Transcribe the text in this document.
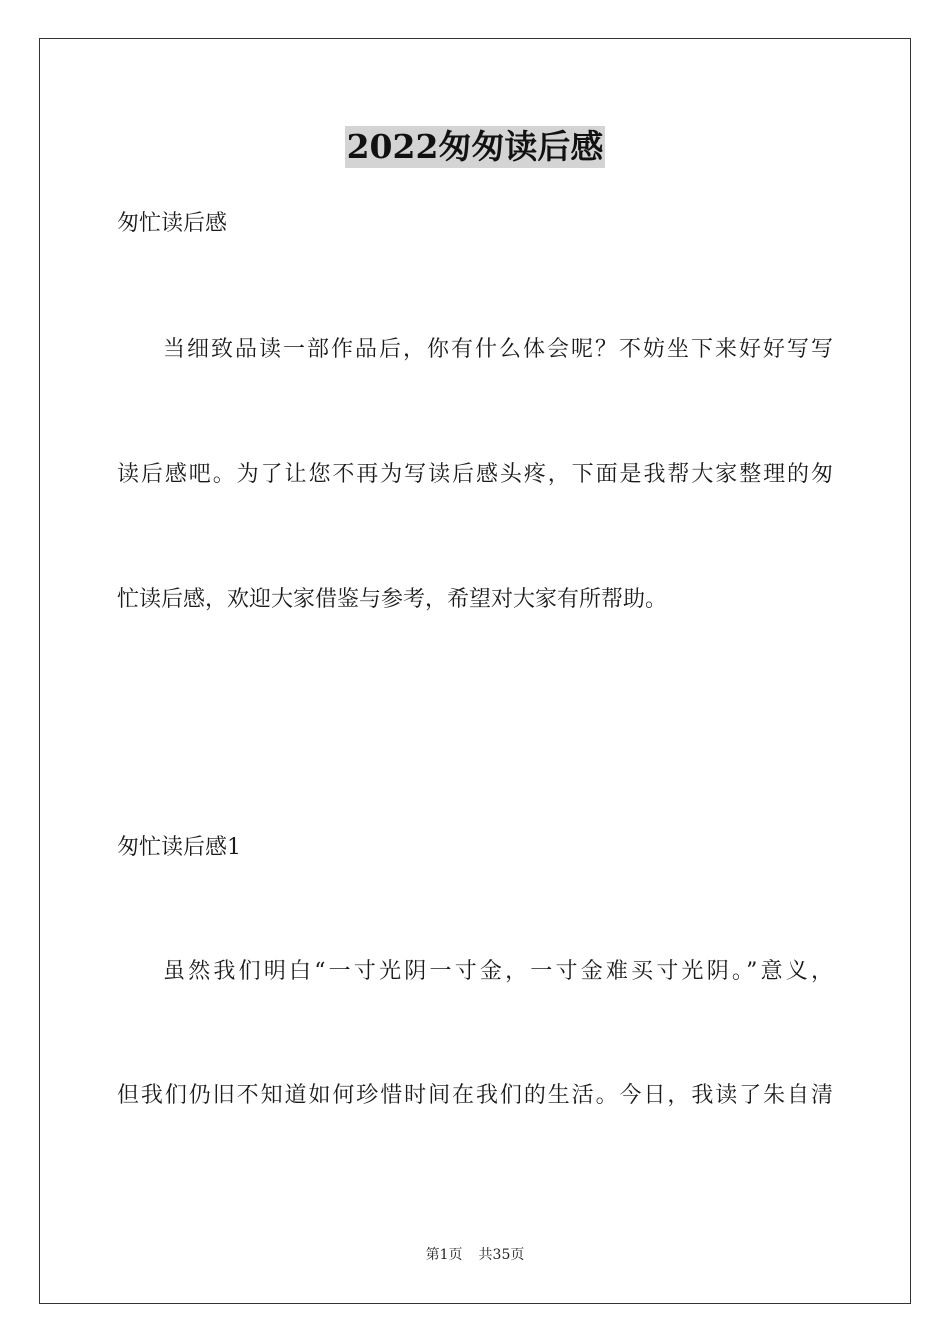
2022匆匆读后感
匆忙读后感
当细致品读一部作品后，你有什么体会呢？不妨坐下来好好写写
读后感吧。为了让您不再为写读后感头疼，下面是我帮大家整理的匆
忙读后感，欢迎大家借鉴与参考，希望对大家有所帮助。
匆忙读后感1
虽然我们明白“一寸光阴一寸金，一寸金难买寸光阴。”意义，
但我们仍旧不知道如何珍惜时间在我们的生活。今日，我读了朱自清
第1页 共35页
